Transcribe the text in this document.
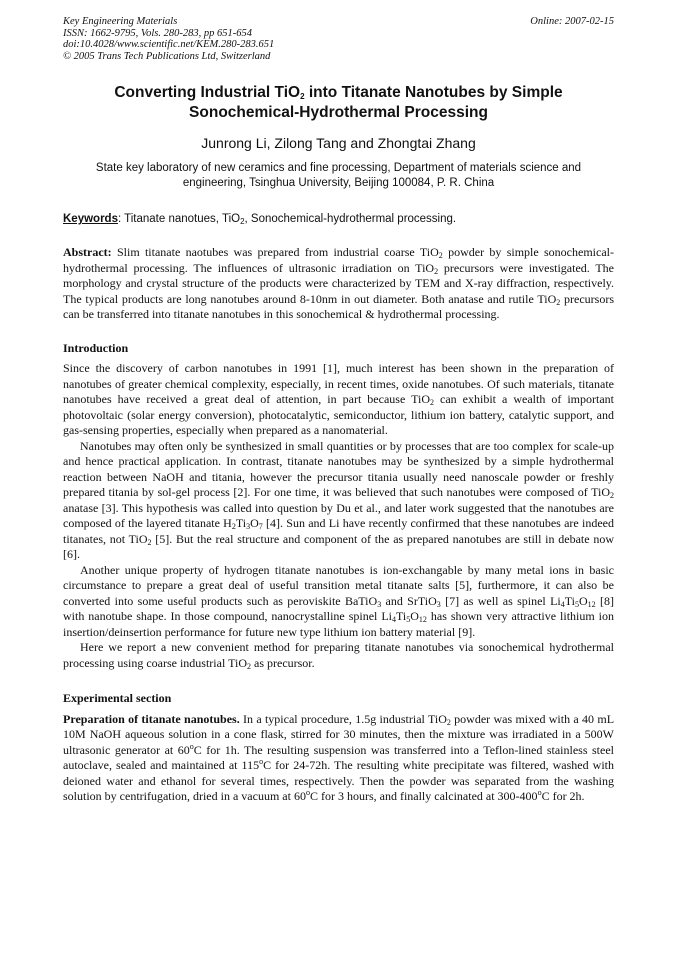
Key Engineering Materials
ISSN: 1662-9795, Vols. 280-283, pp 651-654
doi:10.4028/www.scientific.net/KEM.280-283.651
© 2005 Trans Tech Publications Ltd, Switzerland
Online: 2007-02-15
Converting Industrial TiO$_2$ into Titanate Nanotubes by Simple
Sonochemical-Hydrothermal Processing
Junrong Li, Zilong Tang and Zhongtai Zhang
State key laboratory of new ceramics and fine processing, Department of materials science and engineering, Tsinghua University, Beijing 100084, P. R. China
Keywords: Titanate nanotues, TiO$_2$, Sonochemical-hydrothermal processing.

Abstract: Slim titanate naotubes was prepared from industrial coarse TiO$_2$ powder by simple sonochemical-hydrothermal processing. The influences of ultrasonic irradiation on TiO$_2$ precursors were investigated. The morphology and crystal structure of the products were characterized by TEM and X-ray diffraction, respectively. The typical products are long nanotubes around 8-10nm in out diameter. Both anatase and rutile TiO$_2$ precursors can be transferred into titanate nanotubes in this sonochemical & hydrothermal processing.

Introduction

Since the discovery of carbon nanotubes in 1991 [1], much interest has been shown in the preparation of nanotubes of greater chemical complexity, especially, in recent times, oxide nanotubes. Of such materials, titanate nanotubes have received a great deal of attention, in part because TiO$_2$ can exhibit a wealth of important photovoltaic (solar energy conversion), photocatalytic, semiconductor, lithium ion battery, catalytic support, and gas-sensing properties, especially when prepared as a nanomaterial.

Nanotubes may often only be synthesized in small quantities or by processes that are too complex for scale-up and hence practical application. In contrast, titanate nanotubes may be synthesized by a simple hydrothermal reaction between NaOH and titania, however the precursor titania usually need nanoscale powder or freshly prepared titania by sol-gel process [2]. For one time, it was believed that such nanotubes were composed of TiO$_2$ anatase [3]. This hypothesis was called into question by Du et al., and later work suggested that the nanotubes are composed of the layered titanate $H_2Ti_3O_7$ [4]. Sun and Li have recently confirmed that these nanotubes are indeed titanates, not TiO$_2$ [5]. But the real structure and component of the as prepared nanotubes are still in debate now [6].

Another unique property of hydrogen titanate nanotubes is ion-exchangable by many metal ions in basic circumstance to prepare a great deal of useful transition metal titanate salts [5], furthermore, it can also be converted into some useful products such as peroviskite BaTiO$_3$ and SrTiO$_3$ [7] as well as spinel $Li_4Ti_5O_{12}$ [8] with nanotube shape. In those compound, nanocrystalline spinel $Li_4Ti_5O_{12}$ has shown very attractive lithium ion insertion/deinsertion performance for future new type lithium ion battery material [9].

Here we report a new convenient method for preparing titanate nanotubes via sonochemical hydrothermal processing using coarse industrial TiO$_2$ as precursor.

Experimental section

Preparation of titanate nanotubes. In a typical procedure, 1.5g industrial TiO$_2$ powder was mixed with a 40 mL 10M NaOH aqueous solution in a cone flask, stirred for 30 minutes, then the mixture was irradiated in a 500W ultrasonic generator at 60$^o$C for 1h. The resulting suspension was transferred into a Teflon-lined stainless steel autoclave, sealed and maintained at 115$^o$C for 24-72h. The resulting white precipitate was filtered, washed with deioned water and ethanol for several times, respectively. Then the powder was separated from the washing solution by centrifugation, dried in a vacuum at 60$^o$C for 3 hours, and finally calcinated at 300-400$^o$C for 2h.
